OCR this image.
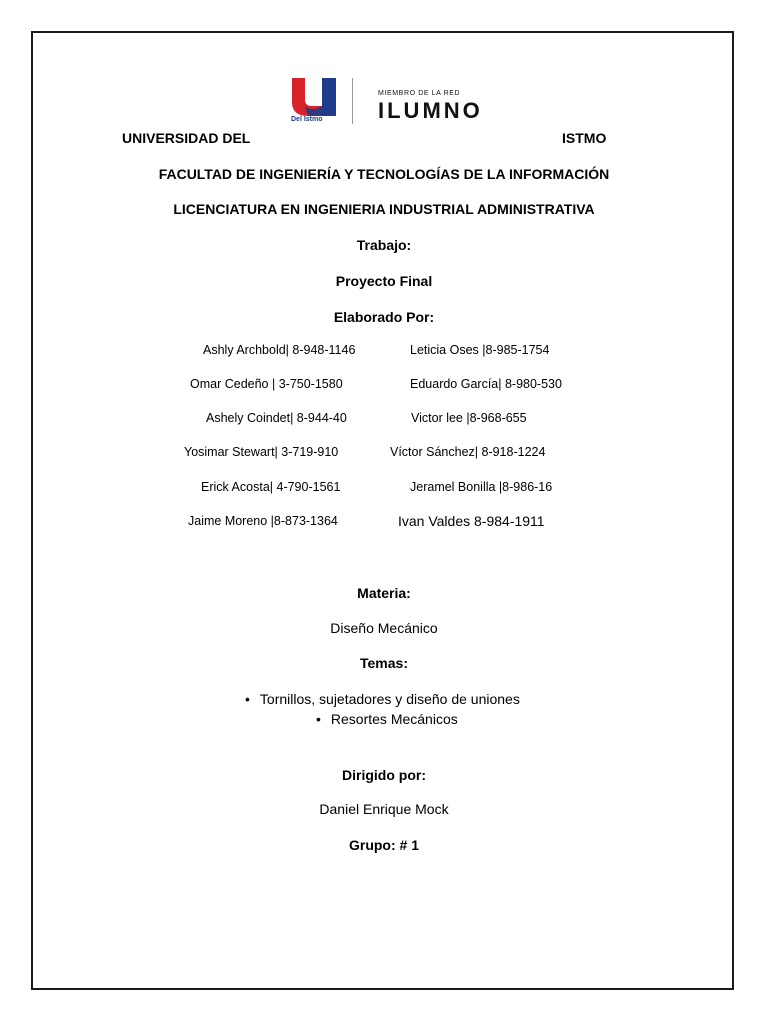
Del Istmo
MIEMBRO DE LA RED
ILUMNO
UNIVERSIDAD DEL	ISTMO
FACULTAD DE INGENIERÍA Y TECNOLOGÍAS DE LA INFORMACIÓN
LICENCIATURA EN INGENIERIA INDUSTRIAL ADMINISTRATIVA
Trabajo:
Proyecto Final
Elaborado Por:
Ashly Archbold| 8-948-1146	Leticia Oses |8-985-1754
Omar Cedeño | 3-750-1580	Eduardo García| 8-980-530
Ashely Coindet| 8-944-40	Victor lee |8-968-655
Yosimar Stewart| 3-719-910	Víctor Sánchez| 8-918-1224
Erick Acosta| 4-790-1561	Jeramel Bonilla |8-986-16
Jaime Moreno |8-873-1364	Ivan Valdes 8-984-1911
Materia:
Diseño Mecánico
Temas:
• Tornillos, sujetadores y diseño de uniones
• Resortes Mecánicos
Dirigido por:
Daniel Enrique Mock
Grupo: # 1
